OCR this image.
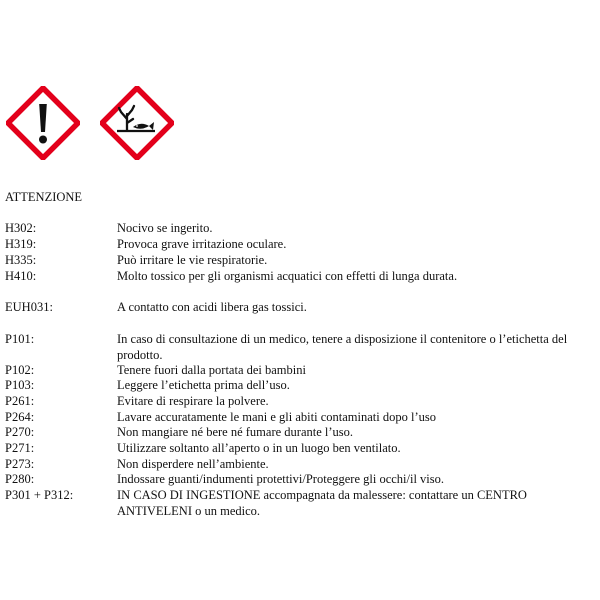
ATTENZIONE
H302:	Nocivo se ingerito.
H319:	Provoca grave irritazione oculare.
H335:	Può irritare le vie respiratorie.
H410:	Molto tossico per gli organismi acquatici con effetti di lunga durata.
EUH031:	A contatto con acidi libera gas tossici.
P101:	In caso di consultazione di un medico, tenere a disposizione il contenitore o l’etichetta del prodotto.
P102:	Tenere fuori dalla portata dei bambini
P103:	Leggere l’etichetta prima dell’uso.
P261:	Evitare di respirare la polvere.
P264:	Lavare accuratamente le mani e gli abiti contaminati dopo l’uso
P270:	Non mangiare né bere né fumare durante l’uso.
P271:	Utilizzare soltanto all’aperto o in un luogo ben ventilato.
P273:	Non disperdere nell’ambiente.
P280:	Indossare guanti/indumenti protettivi/Proteggere gli occhi/il viso.
P301 + P312:	IN CASO DI INGESTIONE accompagnata da malessere: contattare un CENTRO ANTIVELENI o un medico.
